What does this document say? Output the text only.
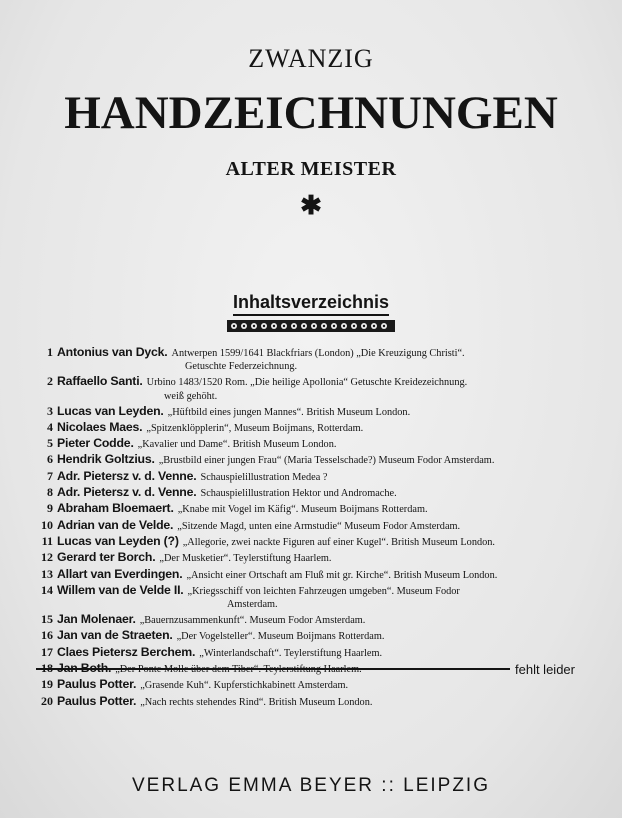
ZWANZIG
HANDZEICHNUNGEN
ALTER MEISTER
✱
Inhaltsverzeichnis
1 Antonius van Dyck. Antwerpen 1599/1641 Blackfriars (London) „Die Kreuzigung Christi“.
Getuschte Federzeichnung.
2 Raffaello Santi. Urbino 1483/1520 Rom. „Die heilige Apollonia“ Getuschte Kreidezeichnung.
weiß gehöht.
3 Lucas van Leyden. „Hüftbild eines jungen Mannes“. British Museum London.
4 Nicolaes Maes. „Spitzenklöpplerin“, Museum Boijmans, Rotterdam.
5 Pieter Codde. „Kavalier und Dame“. British Museum London.
6 Hendrik Goltzius. „Brustbild einer jungen Frau“ (Maria Tesselschade?) Museum Fodor Amsterdam.
7 Adr. Pietersz v. d. Venne. Schauspielillustration Medea ?
8 Adr. Pietersz v. d. Venne. Schauspielillustration Hektor und Andromache.
9 Abraham Bloemaert. „Knabe mit Vogel im Käfig“. Museum Boijmans Rotterdam.
10 Adrian van de Velde. „Sitzende Magd, unten eine Armstudie“ Museum Fodor Amsterdam.
11 Lucas van Leyden (?) „Allegorie, zwei nackte Figuren auf einer Kugel“. British Museum London.
12 Gerard ter Borch. „Der Musketier“. Teylerstiftung Haarlem.
13 Allart van Everdingen. „Ansicht einer Ortschaft am Fluß mit gr. Kirche“. British Museum London.
14 Willem van de Velde II. „Kriegsschiff von leichten Fahrzeugen umgeben“. Museum Fodor
Amsterdam.
15 Jan Molenaer. „Bauernzusammenkunft“. Museum Fodor Amsterdam.
16 Jan van de Straeten. „Der Vogelsteller“. Museum Boijmans Rotterdam.
17 Claes Pietersz Berchem. „Winterlandschaft“. Teylerstiftung Haarlem.
fehlt leider
19 Paulus Potter. „Grasende Kuh“. Kupferstichkabinett Amsterdam.
20 Paulus Potter. „Nach rechts stehendes Rind“. British Museum London.
VERLAG EMMA BEYER :: LEIPZIG
